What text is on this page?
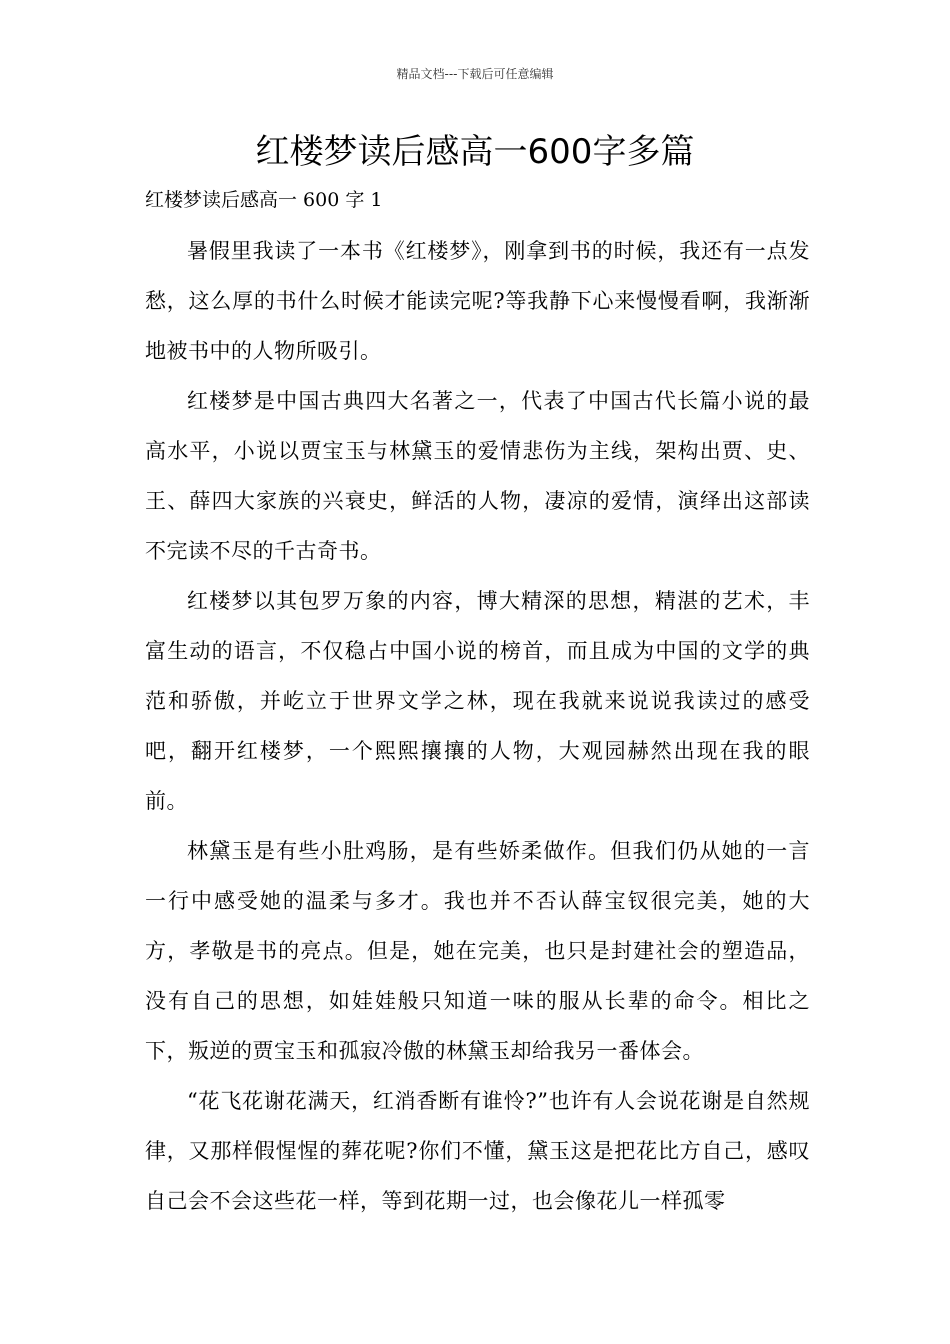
精品文档---下载后可任意编辑
红楼梦读后感高一600字多篇

红楼梦读后感高一 600 字 1

暑假里我读了一本书《红楼梦》，刚拿到书的时候，我还有一点发愁，这么厚的书什么时候才能读完呢?等我静下心来慢慢看啊，我渐渐地被书中的人物所吸引。

红楼梦是中国古典四大名著之一，代表了中国古代长篇小说的最高水平，小说以贾宝玉与林黛玉的爱情悲伤为主线，架构出贾、史、王、薛四大家族的兴衰史，鲜活的人物，凄凉的爱情，演绎出这部读不完读不尽的千古奇书。

红楼梦以其包罗万象的内容，博大精深的思想，精湛的艺术，丰富生动的语言，不仅稳占中国小说的榜首，而且成为中国的文学的典范和骄傲，并屹立于世界文学之林，现在我就来说说我读过的感受吧，翻开红楼梦，一个熙熙攘攘的人物，大观园赫然出现在我的眼前。

林黛玉是有些小肚鸡肠，是有些娇柔做作。但我们仍从她的一言一行中感受她的温柔与多才。我也并不否认薛宝钗很完美，她的大方，孝敬是书的亮点。但是，她在完美，也只是封建社会的塑造品，没有自己的思想，如娃娃般只知道一味的服从长辈的命令。相比之下，叛逆的贾宝玉和孤寂冷傲的林黛玉却给我另一番体会。

“花飞花谢花满天，红消香断有谁怜?”也许有人会说花谢是自然规律，又那样假惺惺的葬花呢?你们不懂，黛玉这是把花比方自己，感叹自己会不会这些花一样，等到花期一过，也会像花儿一样孤零
